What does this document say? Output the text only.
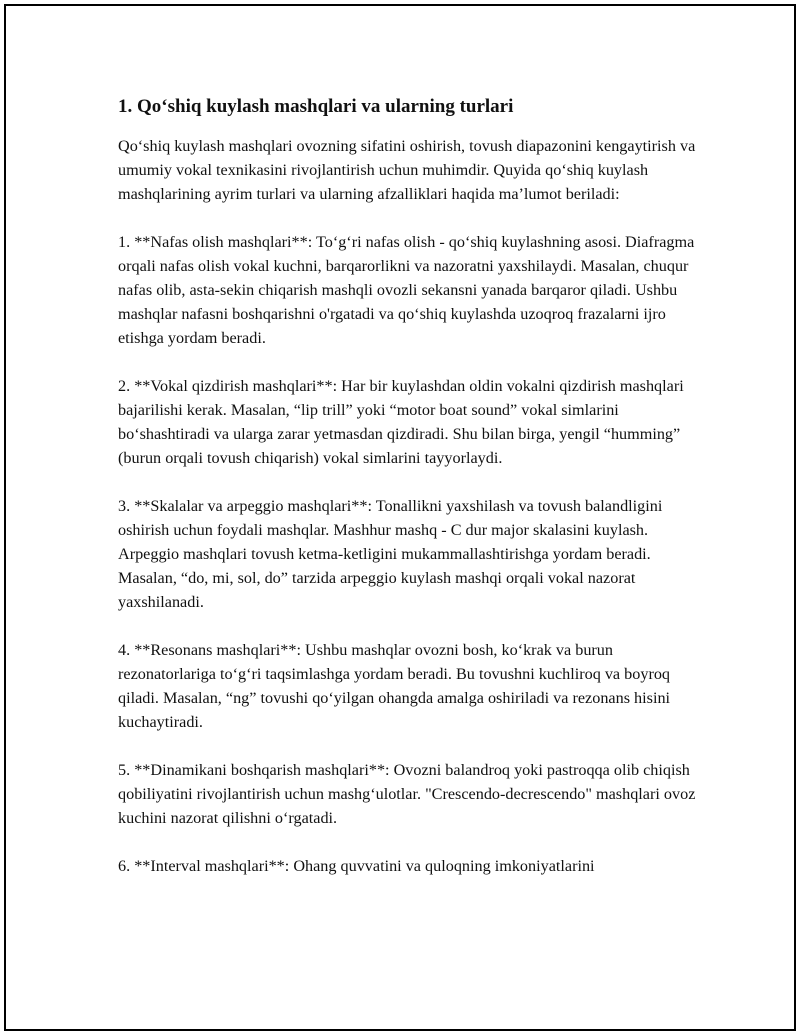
1. Qo‘shiq kuylash mashqlari va ularning turlari

Qo‘shiq kuylash mashqlari ovozning sifatini oshirish, tovush diapazonini kengaytirish va umumiy vokal texnikasini rivojlantirish uchun muhimdir. Quyida qo‘shiq kuylash mashqlarining ayrim turlari va ularning afzalliklari haqida ma’lumot beriladi:

1. **Nafas olish mashqlari**: To‘g‘ri nafas olish - qo‘shiq kuylashning asosi. Diafragma orqali nafas olish vokal kuchni, barqarorlikni va nazoratni yaxshilaydi. Masalan, chuqur nafas olib, asta-sekin chiqarish mashqli ovozli sekansni yanada barqaror qiladi. Ushbu mashqlar nafasni boshqarishni o'rgatadi va qo‘shiq kuylashda uzoqroq frazalarni ijro etishga yordam beradi.

2. **Vokal qizdirish mashqlari**: Har bir kuylashdan oldin vokalni qizdirish mashqlari bajarilishi kerak. Masalan, “lip trill” yoki “motor boat sound” vokal simlarini bo‘shashtiradi va ularga zarar yetmasdan qizdiradi. Shu bilan birga, yengil “humming” (burun orqali tovush chiqarish) vokal simlarini tayyorlaydi.

3. **Skalalar va arpeggio mashqlari**: Tonallikni yaxshilash va tovush balandligini oshirish uchun foydali mashqlar. Mashhur mashq - C dur major skalasini kuylash. Arpeggio mashqlari tovush ketma-ketligini mukammallashtirishga yordam beradi. Masalan, “do, mi, sol, do” tarzida arpeggio kuylash mashqi orqali vokal nazorat yaxshilanadi.

4. **Resonans mashqlari**: Ushbu mashqlar ovozni bosh, ko‘krak va burun rezonatorlariga to‘g‘ri taqsimlashga yordam beradi. Bu tovushni kuchliroq va boyroq qiladi. Masalan, “ng” tovushi qo‘yilgan ohangda amalga oshiriladi va rezonans hisini kuchaytiradi.

5. **Dinamikani boshqarish mashqlari**: Ovozni balandroq yoki pastroqqa olib chiqish qobiliyatini rivojlantirish uchun mashg‘ulotlar. "Crescendo-decrescendo" mashqlari ovoz kuchini nazorat qilishni o‘rgatadi.

6. **Interval mashqlari**: Ohang quvvatini va quloqning imkoniyatlarini
